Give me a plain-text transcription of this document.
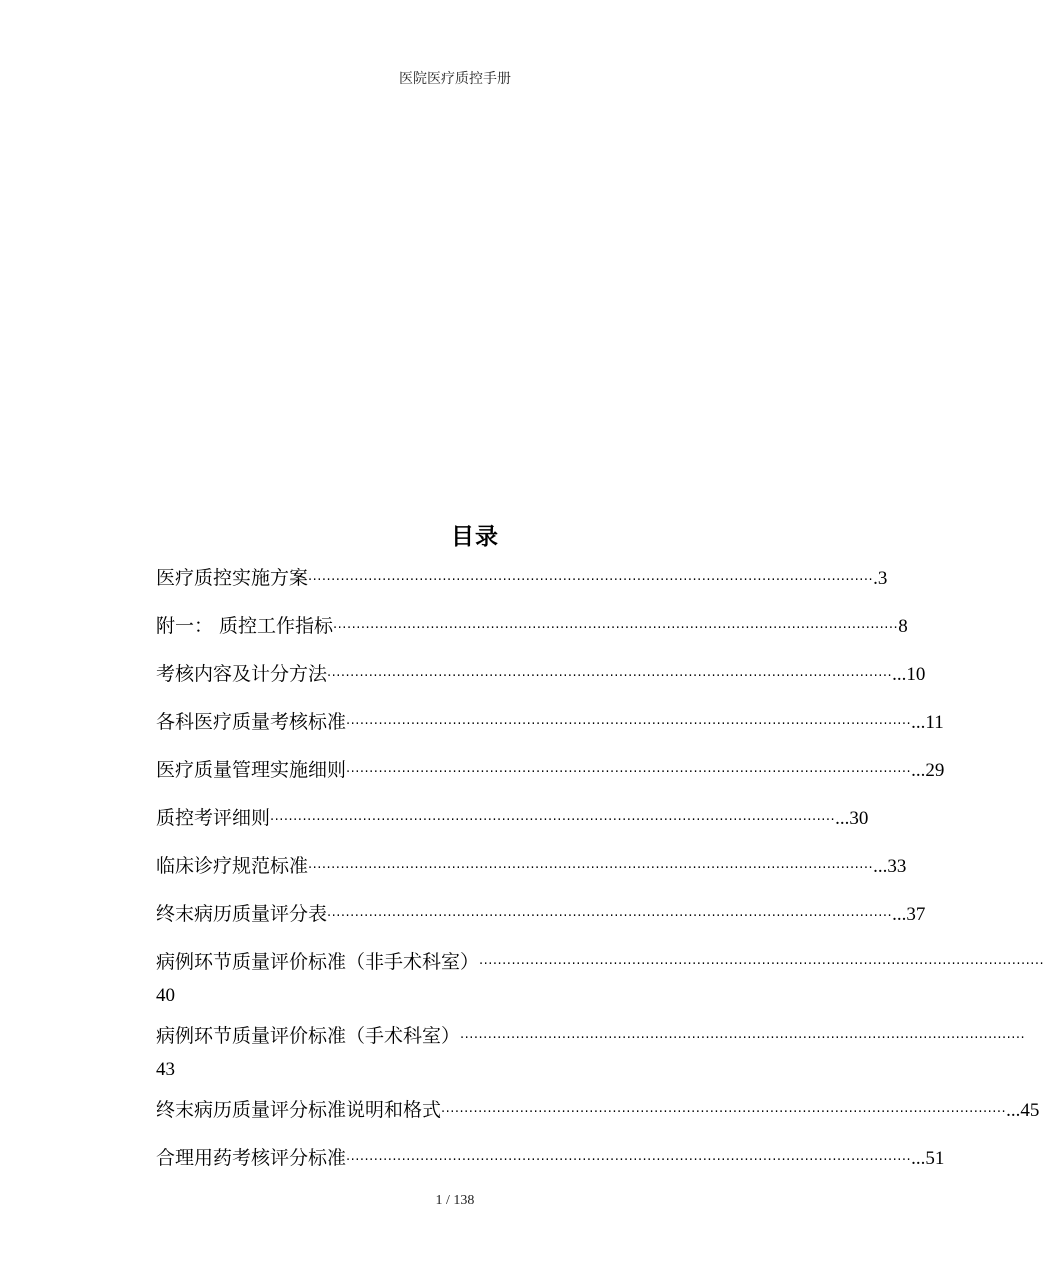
医院医疗质控手册
目录
医疗质控实施方案 ·························································································································· .3
附一： 质控工作指标 ·························································································································· 8
考核内容及计分方法 ·························································································································· ...10
各科医疗质量考核标准 ·························································································································· ...11
医疗质量管理实施细则 ·························································································································· ...29
质控考评细则 ·························································································································· ...30
临床诊疗规范标准 ·························································································································· ...33
终末病历质量评分表 ·························································································································· ...37
病例环节质量评价标准（非手术科室） ··························································································································
40
病例环节质量评价标准（手术科室） ··························································································································
43
终末病历质量评分标准说明和格式 ·························································································································· ...45
合理用药考核评分标准 ·························································································································· ...51
1 / 138
